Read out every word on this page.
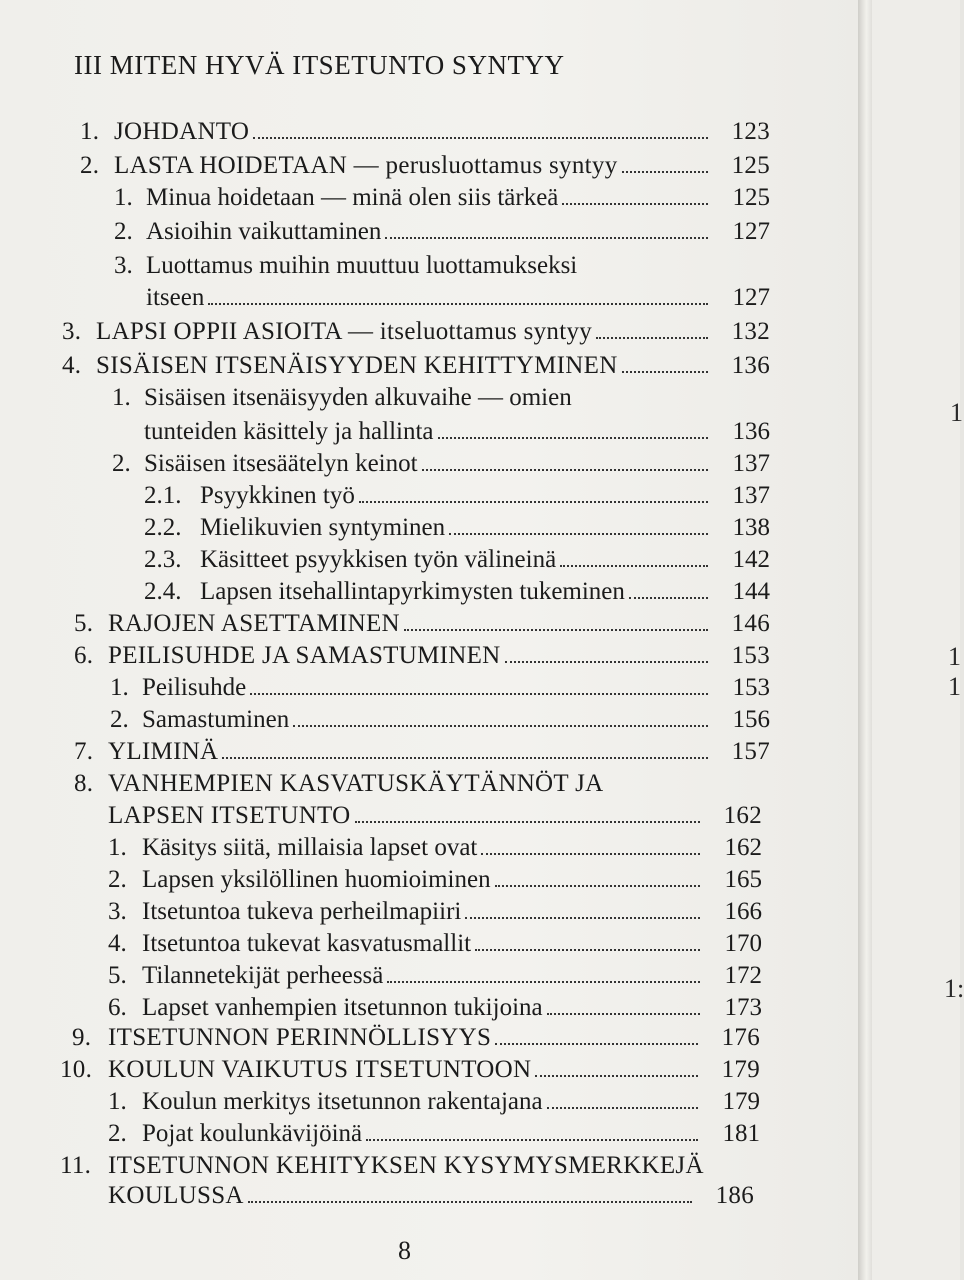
1
1
1
1:
III MITEN HYVÄ ITSETUNTO SYNTYY
1. JOHDANTO	123
2. LASTA HOIDETAAN — perusluottamus syntyy	125
1. Minua hoidetaan — minä olen siis tärkeä	125
2. Asioihin vaikuttaminen	127
3. Luottamus muihin muuttuu luottamukseksi
itseen	127
3. LAPSI OPPII ASIOITA — itseluottamus syntyy	132
4. SISÄISEN ITSENÄISYYDEN KEHITTYMINEN	136
1. Sisäisen itsenäisyyden alkuvaihe — omien
tunteiden käsittely ja hallinta	136
2. Sisäisen itsesäätelyn keinot	137
2.1. Psyykkinen työ	137
2.2. Mielikuvien syntyminen	138
2.3. Käsitteet psyykkisen työn välineinä	142
2.4. Lapsen itsehallintapyrkimysten tukeminen	144
5. RAJOJEN ASETTAMINEN	146
6. PEILISUHDE JA SAMASTUMINEN	153
1. Peilisuhde	153
2. Samastuminen	156
7. YLIMINÄ	157
8. VANHEMPIEN KASVATUSKÄYTÄNNÖT JA
LAPSEN ITSETUNTO	162
1. Käsitys siitä, millaisia lapset ovat	162
2. Lapsen yksilöllinen huomioiminen	165
3. Itsetuntoa tukeva perheilmapiiri	166
4. Itsetuntoa tukevat kasvatusmallit	170
5. Tilannetekijät perheessä	172
6. Lapset vanhempien itsetunnon tukijoina	173
9. ITSETUNNON PERINNÖLLISYYS	176
10. KOULUN VAIKUTUS ITSETUNTOON	179
1. Koulun merkitys itsetunnon rakentajana	179
2. Pojat koulunkävijöinä	181
11. ITSETUNNON KEHITYKSEN KYSYMYSMERKKEJÄ
KOULUSSA	186
8
